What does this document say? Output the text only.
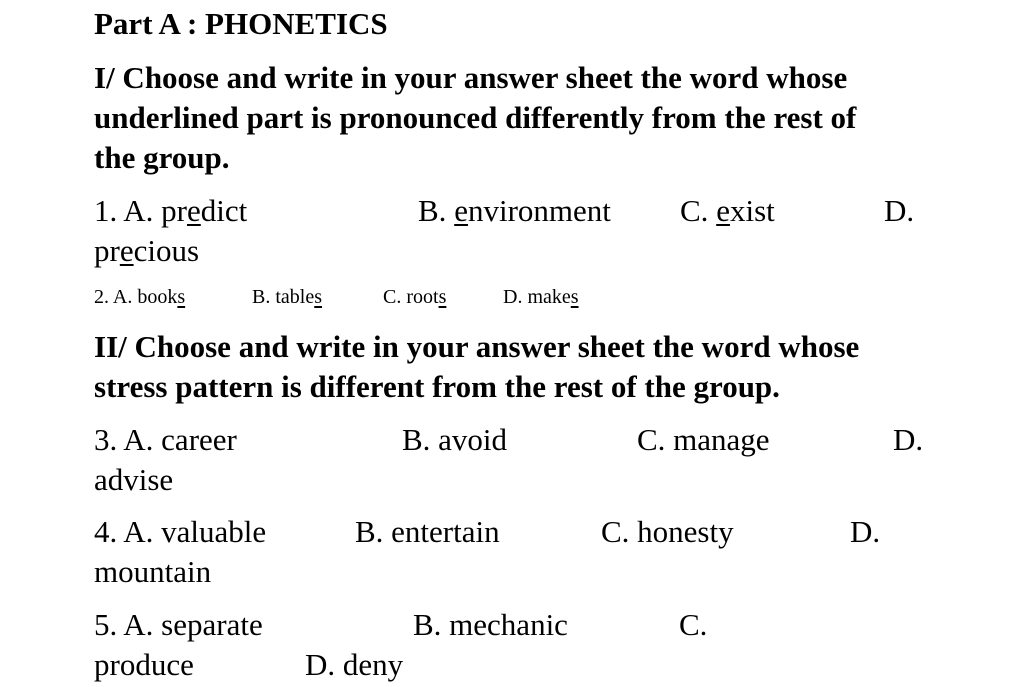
Part A : PHONETICS
I/ Choose and write in your answer sheet the word whose
underlined part is pronounced differently from the rest of
the group.
1. A. predict	B. environment C. exist	D.
precious
2. A. books	B. tables	C. roots	D. makes
II/ Choose and write in your answer sheet the word whose
stress pattern is different from the rest of the group.
3. A. career	B. avoid	C. manage	D.
advise
4. A. valuable	B. entertain	C. honesty	D.
mountain
5. A. separate	B. mechanic	C.
produce	D. deny
